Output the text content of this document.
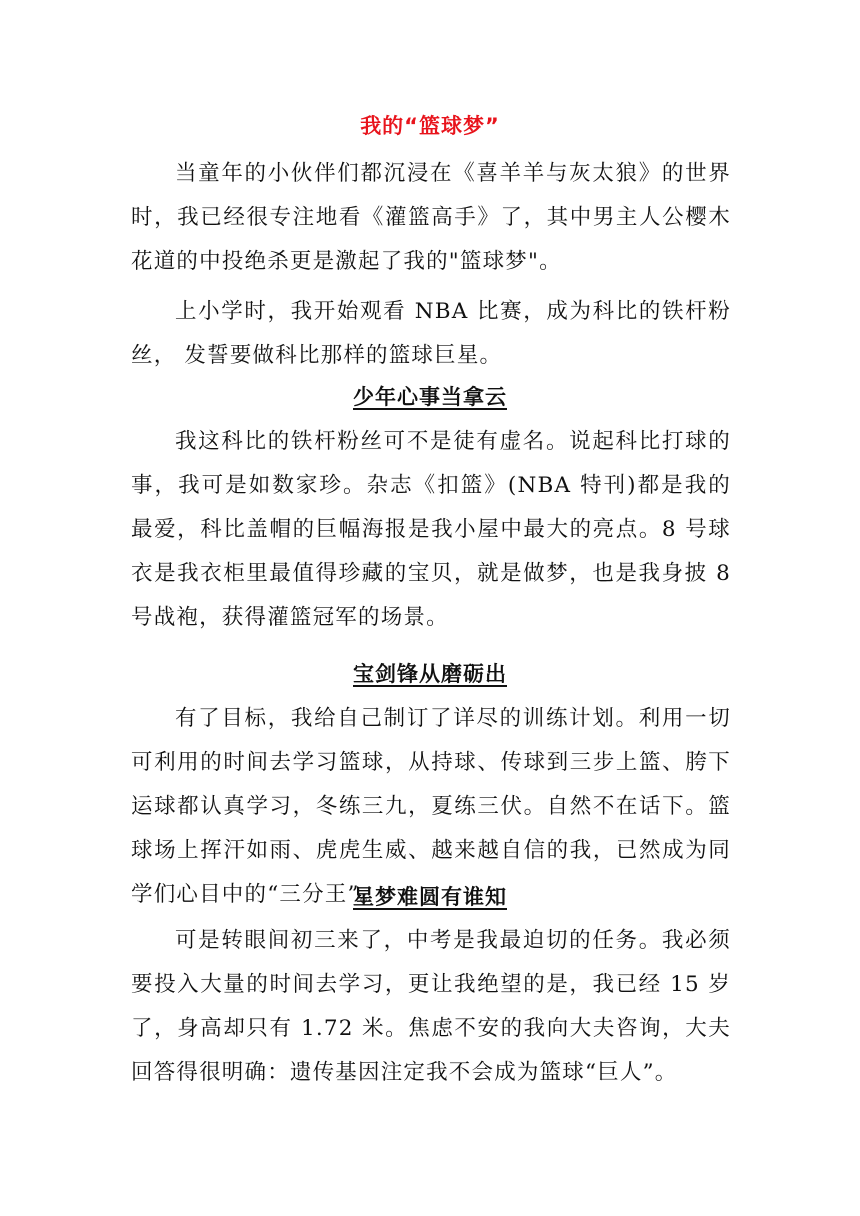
我的“篮球梦”

当童年的小伙伴们都沉浸在《喜羊羊与灰太狼》的世界时，我已经很专注地看《灌篮高手》了，其中男主人公樱木花道的中投绝杀更是激起了我的"篮球梦"。

上小学时，我开始观看 NBA 比赛，成为科比的铁杆粉丝， 发誓要做科比那样的篮球巨星。

少年心事当拿云

我这科比的铁杆粉丝可不是徒有虚名。说起科比打球的事，我可是如数家珍。杂志《扣篮》(NBA 特刊)都是我的最爱，科比盖帽的巨幅海报是我小屋中最大的亮点。8 号球衣是我衣柜里最值得珍藏的宝贝，就是做梦，也是我身披 8 号战袍，获得灌篮冠军的场景。

宝剑锋从磨砺出

有了目标，我给自己制订了详尽的训练计划。利用一切可利用的时间去学习篮球，从持球、传球到三步上篮、胯下运球都认真学习，冬练三九，夏练三伏。自然不在话下。篮球场上挥汗如雨、虎虎生威、越来越自信的我，已然成为同学们心目中的“三分王”。

星梦难圆有谁知

可是转眼间初三来了，中考是我最迫切的任务。我必须要投入大量的时间去学习，更让我绝望的是，我已经 15 岁了，身高却只有 1.72 米。焦虑不安的我向大夫咨询，大夫回答得很明确：遗传基因注定我不会成为篮球“巨人”。
